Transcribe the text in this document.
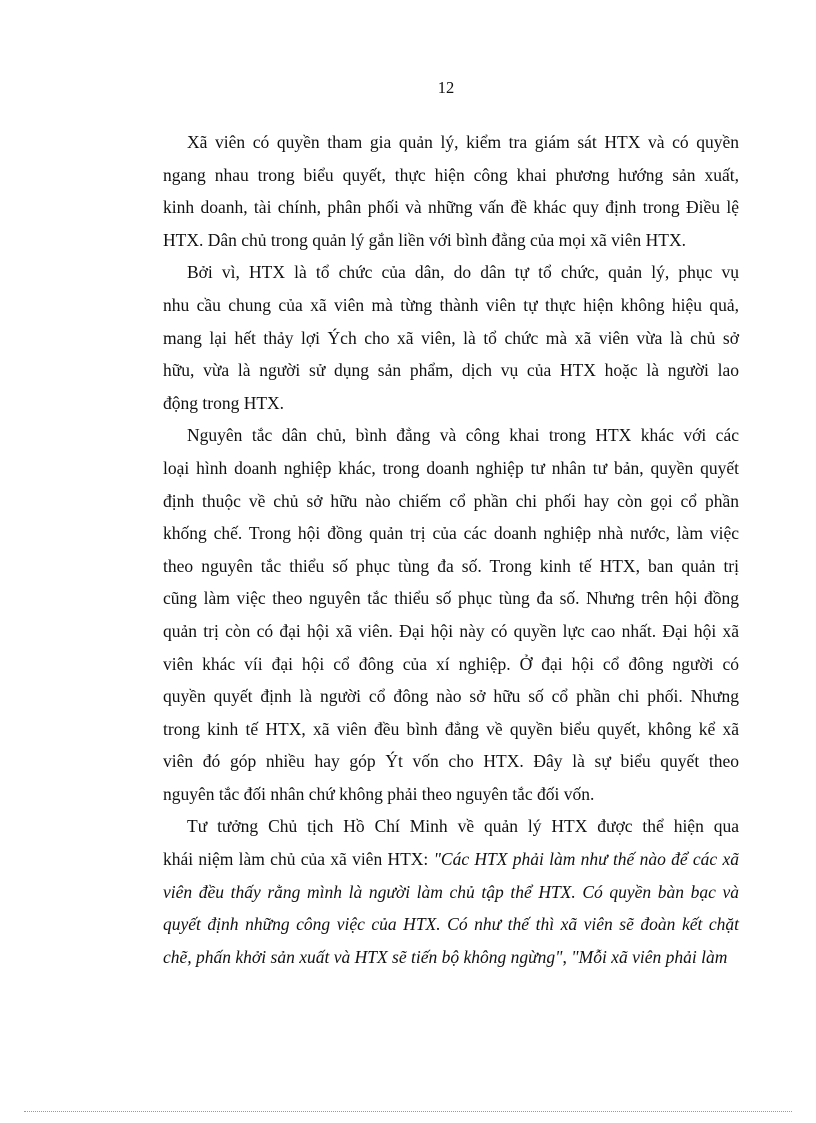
12
Xã viên có quyền tham gia quản lý, kiểm tra giám sát HTX và có quyền
ngang nhau trong biểu quyết, thực hiện công khai phương hướng sản xuất,
kinh doanh, tài chính, phân phối và những vấn đề khác quy định trong Điều lệ
HTX. Dân chủ trong quản lý gắn liền với bình đẳng của mọi xã viên HTX.
Bởi vì, HTX là tổ chức của dân, do dân tự tổ chức, quản lý, phục vụ
nhu cầu chung của xã viên mà từng thành viên tự thực hiện không hiệu quả,
mang lại hết thảy lợi Ých cho xã viên, là tổ chức mà xã viên vừa là chủ sở
hữu, vừa là người sử dụng sản phẩm, dịch vụ của HTX hoặc là người lao
động trong HTX.
Nguyên tắc dân chủ, bình đẳng và công khai trong HTX khác với các
loại hình doanh nghiệp khác, trong doanh nghiệp tư nhân tư bản, quyền quyết
định thuộc về chủ sở hữu nào chiếm cổ phần chi phối hay còn gọi cổ phần
khống chế. Trong hội đồng quản trị của các doanh nghiệp nhà nước, làm việc
theo nguyên tắc thiểu số phục tùng đa số. Trong kinh tế HTX, ban quản trị
cũng làm việc theo nguyên tắc thiểu số phục tùng đa số. Nhưng trên hội đồng
quản trị còn có đại hội xã viên. Đại hội này có quyền lực cao nhất. Đại hội xã
viên khác víi đại hội cổ đông của xí nghiệp. Ở đại hội cổ đông người có
quyền quyết định là người cổ đông nào sở hữu số cổ phần chi phối. Nhưng
trong kinh tế HTX, xã viên đều bình đẳng về quyền biểu quyết, không kể xã
viên đó góp nhiều hay góp Ýt vốn cho HTX. Đây là sự biểu quyết theo
nguyên tắc đối nhân chứ không phải theo nguyên tắc đối vốn.
Tư tưởng Chủ tịch Hồ Chí Minh về quản lý HTX được thể hiện qua
khái niệm làm chủ của xã viên HTX: "Các HTX phải làm như thế nào để các xã
viên đều thấy rằng mình là người làm chủ tập thể HTX. Có quyền bàn bạc và
quyết định những công việc của HTX. Có như thế thì xã viên sẽ đoàn kết chặt
chẽ, phấn khởi sản xuất và HTX sẽ tiến bộ không ngừng", "Mỗi xã viên phải làm
